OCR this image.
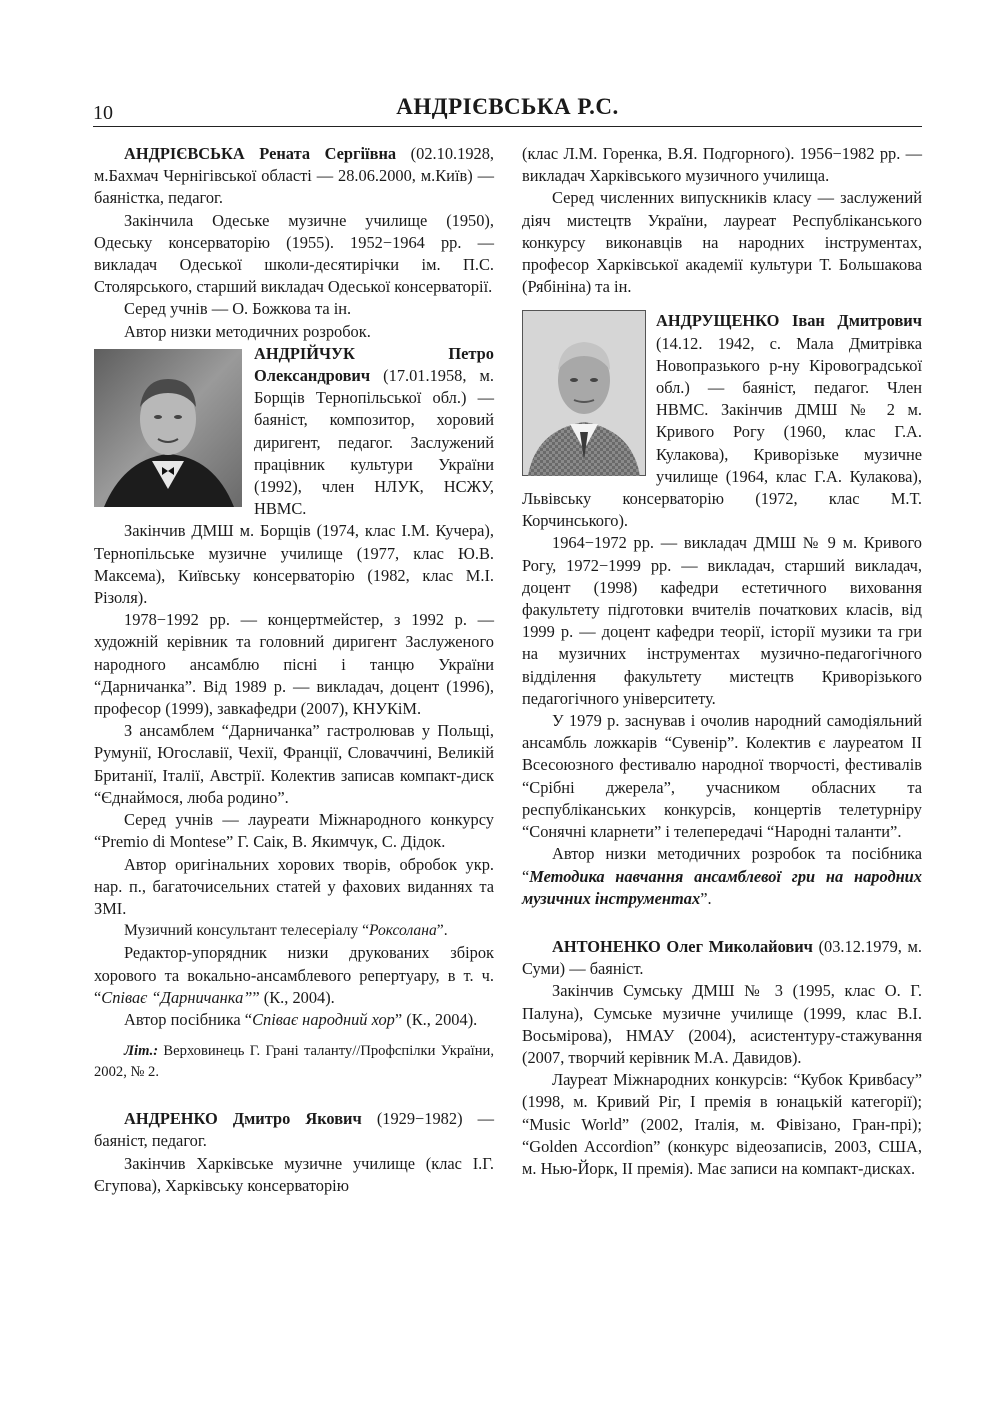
10	АНДРІЄВСЬКА Р.С.

АНДРІЄВСЬКА Рената Сергіївна (02.10.1928, м.Бахмач Чернігівської області — 28.06.2000, м.Київ) — баяністка, педагог.

Закінчила Одеське музичне училище (1950), Одеську консерваторію (1955). 1952−1964 рр. — викладач Одеської школи-десятирічки ім. П.С. Столярського, старший викладач Одеської консерваторії.

Серед учнів — О. Божкова та ін.

Автор низки методичних розробок.

АНДРІЙЧУК Петро Олександрович (17.01.1958, м. Борщів Тернопільської обл.) — баяніст, композитор, хоровий диригент, педагог. Заслужений працівник культури України (1992), член НЛУК, НСЖУ, НВМС.

Закінчив ДМШ м. Борщів (1974, клас І.М. Кучера), Тернопільське музичне училище (1977, клас Ю.В. Максема), Київську консерваторію (1982, клас М.І. Різоля).

1978−1992 рр. — концертмейстер, з 1992 р. — художній керівник та головний диригент Заслуженого народного ансамблю пісні і танцю України “Дарничанка”. Від 1989 р. — викладач, доцент (1996), професор (1999), завкафедри (2007), КНУКіМ.

З ансамблем “Дарничанка” гастролював у Польщі, Румунії, Югославії, Чехії, Франції, Словаччині, Великій Британії, Італії, Австрії. Колектив записав компакт-диск “Єднаймося, люба родино”.

Серед учнів — лауреати Міжнародного конкурсу “Premio di Montese” Г. Саік, В. Якимчук, С. Дідок.

Автор оригінальних хорових творів, обробок укр. нар. п., багаточисельних статей у фахових виданнях та ЗМІ.

Музичний консультант телесеріалу “Роксолана”.

Редактор-упорядник низки друкованих збірок хорового та вокально-ансамблевого репертуару, в т. ч. “Співає “Дарничанка”” (К., 2004).

Автор посібника “Співає народний хор” (К., 2004).

Літ.: Верховинець Г. Грані таланту//Профспілки України, 2002, № 2.

АНДРЕНКО Дмитро Якович (1929−1982) — баяніст, педагог.

Закінчив Харківське музичне училище (клас І.Г. Єгупова), Харківську консерваторію

(клас Л.М. Горенка, В.Я. Подгорного). 1956−1982 рр. — викладач Харківського музичного училища.

Серед численних випускників класу — заслужений діяч мистецтв України, лауреат Республіканського конкурсу виконавців на народних інструментах, професор Харківської академії культури Т. Большакова (Рябініна) та ін.

АНДРУЩЕНКО Іван Дмитрович (14.12. 1942, с. Мала Дмитрівка Новопразького р-ну Кіровоградської обл.) — баяніст, педагог. Член НВМС. Закінчив ДМШ № 2 м. Кривого Рогу (1960, клас Г.А. Кулакова), Криворізьке музичне училище (1964, клас Г.А. Кулакова), Львівську консерваторію (1972, клас М.Т. Корчинського).

1964−1972 рр. — викладач ДМШ № 9 м. Кривого Рогу, 1972−1999 рр. — викладач, старший викладач, доцент (1998) кафедри естетичного виховання факультету підготовки вчителів початкових класів, від 1999 р. — доцент кафедри теорії, історії музики та гри на музичних інструментах музично-педагогічного відділення факультету мистецтв Криворізького педагогічного університету.

У 1979 р. заснував і очолив народний самодіяльний ансамбль ложкарів “Сувенір”. Колектив є лауреатом ІІ Всесоюзного фестивалю народної творчості, фестивалів “Срібні джерела”, учасником обласних та республіканських конкурсів, концертів телетурніру “Сонячні кларнети” і телепередачі “Народні таланти”.

Автор низки методичних розробок та посібника “Методика навчання ансамблевої гри на народних музичних інструментах”.

АНТОНЕНКО Олег Миколайович (03.12.1979, м. Суми) — баяніст.

Закінчив Сумську ДМШ № 3 (1995, клас О. Г. Палуна), Сумське музичне училище (1999, клас В.І. Восьмірова), НМАУ (2004), асистентуру-стажування (2007, творчий керівник М.А. Давидов).

Лауреат Міжнародних конкурсів: “Кубок Кривбасу” (1998, м. Кривий Ріг, І премія в юнацькій категорії); “Music World” (2002, Італія, м. Фівізано, Гран-прі); “Golden Accordion” (конкурс відеозаписів, 2003, США, м. Нью-Йорк, ІІ премія). Має записи на компакт-дисках.
